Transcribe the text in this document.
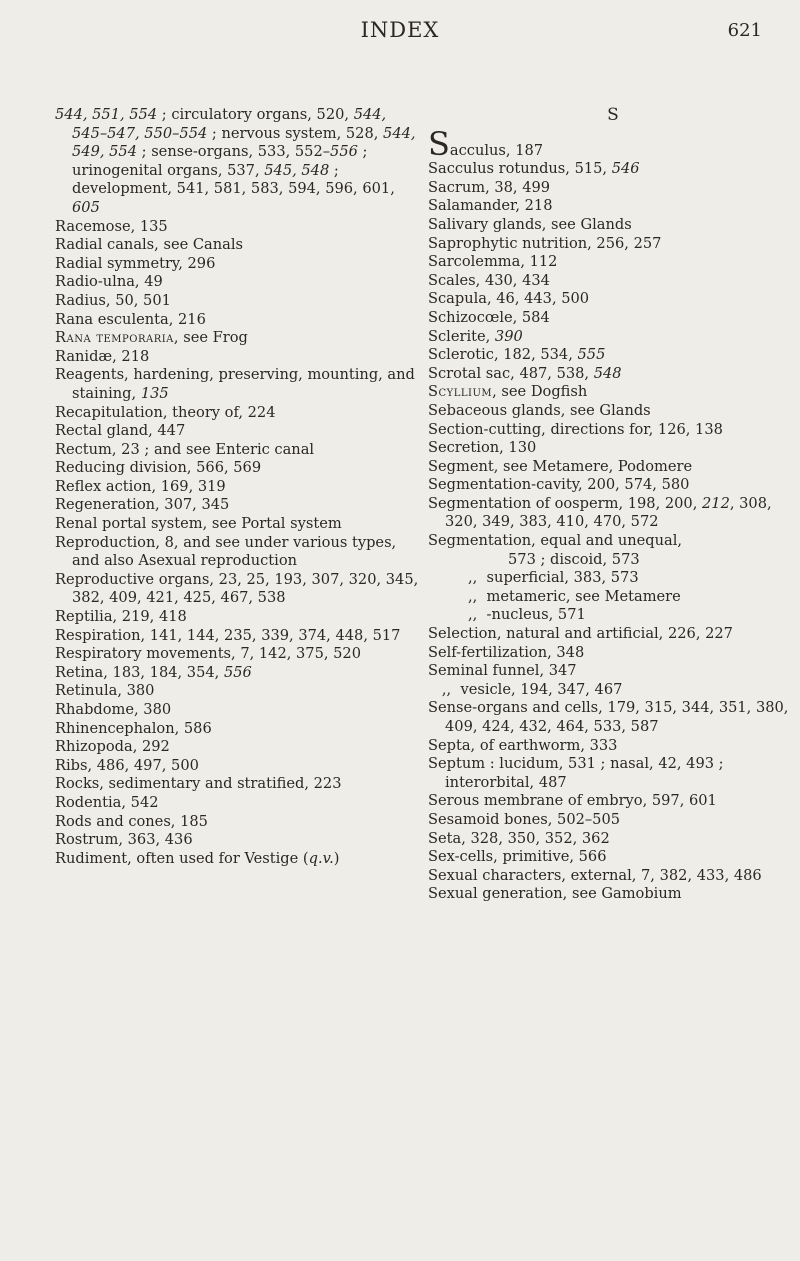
INDEX	621
544, 551, 554 ; circulatory organs, 520, 544, 545–547, 550–554 ; nervous system, 528, 544, 549, 554 ; sense-organs, 533, 552–556 ; urinogenital organs, 537, 545, 548 ; development, 541, 581, 583, 594, 596, 601, 605
Racemose, 135
Radial canals, see Canals
Radial symmetry, 296
Radio-ulna, 49
Radius, 50, 501
Rana esculenta, 216
Rana temporaria, see Frog
Ranidæ, 218
Reagents, hardening, preserving, mounting, and staining, 135
Recapitulation, theory of, 224
Rectal gland, 447
Rectum, 23 ; and see Enteric canal
Reducing division, 566, 569
Reflex action, 169, 319
Regeneration, 307, 345
Renal portal system, see Portal system
Reproduction, 8, and see under various types, and also Asexual reproduction
Reproductive organs, 23, 25, 193, 307, 320, 345, 382, 409, 421, 425, 467, 538
Reptilia, 219, 418
Respiration, 141, 144, 235, 339, 374, 448, 517
Respiratory movements, 7, 142, 375, 520
Retina, 183, 184, 354, 556
Retinula, 380
Rhabdome, 380
Rhinencephalon, 586
Rhizopoda, 292
Ribs, 486, 497, 500
Rocks, sedimentary and stratified, 223
Rodentia, 542
Rods and cones, 185
Rostrum, 363, 436
Rudiment, often used for Vestige (q.v.)
S
Sacculus, 187
Sacculus rotundus, 515, 546
Sacrum, 38, 499
Salamander, 218
Salivary glands, see Glands
Saprophytic nutrition, 256, 257
Sarcolemma, 112
Scales, 430, 434
Scapula, 46, 443, 500
Schizocœle, 584
Sclerite, 390
Sclerotic, 182, 534, 555
Scrotal sac, 487, 538, 548
Scyllium, see Dogfish
Sebaceous glands, see Glands
Section-cutting, directions for, 126, 138
Secretion, 130
Segment, see Metamere, Podomere
Segmentation-cavity, 200, 574, 580
Segmentation of oosperm, 198, 200, 212, 308, 320, 349, 383, 410, 470, 572
Segmentation, equal and unequal,
573 ; discoid, 573
,,  superficial, 383, 573
,,  metameric, see Metamere
,,  -nucleus, 571
Selection, natural and artificial, 226, 227
Self-fertilization, 348
Seminal funnel, 347
,,  vesicle, 194, 347, 467
Sense-organs and cells, 179, 315, 344, 351, 380, 409, 424, 432, 464, 533, 587
Septa, of earthworm, 333
Septum : lucidum, 531 ; nasal, 42, 493 ; interorbital, 487
Serous membrane of embryo, 597, 601
Sesamoid bones, 502–505
Seta, 328, 350, 352, 362
Sex-cells, primitive, 566
Sexual characters, external, 7, 382, 433, 486
Sexual generation, see Gamobium
